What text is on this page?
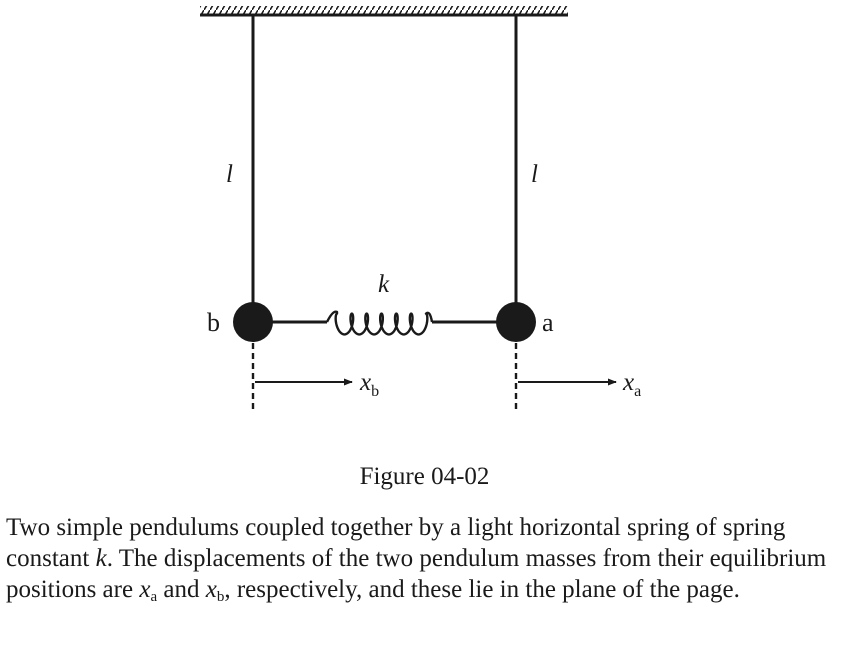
l	l
k
b	a
$x_b$	$x_a$
Figure 04-02
Two simple pendulums coupled together by a light horizontal spring of spring constant k. The displacements of the two pendulum masses from their equilibrium positions are $x_a$ and $x_b$, respectively, and these lie in the plane of the page.
